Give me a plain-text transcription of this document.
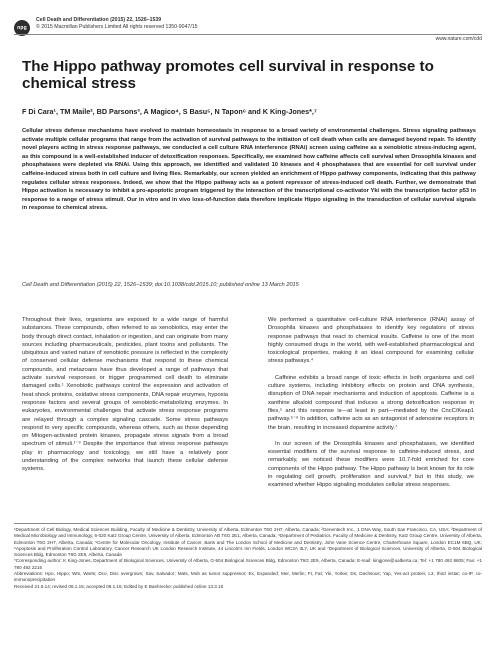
npg
Cell Death and Differentiation (2015) 22, 1526–1539
© 2015 Macmillan Publishers Limited All rights reserved 1350-9047/15
www.nature.com/cdd
The Hippo pathway promotes cell survival in response to chemical stress
F Di Cara¹, TM Maile², BD Parsons³, A Magico⁴, S Basu⁵, N Tapon⁶ and K King-Jones*,⁷

Cellular stress defense mechanisms have evolved to maintain homeostasis in response to a broad variety of environmental challenges. Stress signaling pathways activate multiple cellular programs that range from the activation of survival pathways to the initiation of cell death when cells are damaged beyond repair. To identify novel players acting in stress response pathways, we conducted a cell culture RNA interference (RNAi) screen using caffeine as a xenobiotic stress-inducing agent, as this compound is a well-established inducer of detoxification responses. Specifically, we examined how caffeine affects cell survival when Drosophila kinases and phosphatases were depleted via RNAi. Using this approach, we identified and validated 10 kinases and 4 phosphatases that are essential for cell survival under caffeine-induced stress both in cell culture and living flies. Remarkably, our screen yielded an enrichment of Hippo pathway components, indicating that this pathway regulates cellular stress responses. Indeed, we show that the Hippo pathway acts as a potent repressor of stress-induced cell death. Further, we demonstrate that Hippo activation is necessary to inhibit a pro-apoptotic program triggered by the interaction of the transcriptional co-activator Yki with the transcription factor p53 in response to a range of stress stimuli. Our in vitro and in vivo loss-of-function data therefore implicate Hippo signaling in the transduction of cellular survival signals in response to chemical stress.

Cell Death and Differentiation (2015) 22, 1526–1539; doi:10.1038/cdd.2015.10; published online 13 March 2015

Throughout their lives, organisms are exposed to a wide range of harmful substances. These compounds, often referred to as xenobiotics, may enter the body through direct contact, inhalation or ingestion, and can originate from many sources including pharmaceuticals, pesticides, plant toxins and pollutants. The ubiquitous and varied nature of xenobiotic pressure is reflected in the complexity of conserved cellular defense mechanisms that respond to these chemical compounds, and metazoans have thus developed a range of pathways that activate survival responses or trigger programmed cell death to eliminate damaged cells.¹ Xenobiotic pathways control the expression and activation of heat shock proteins, oxidative stress components, DNA repair enzymes, hypoxia response factors and several groups of xenobiotic-metabolizing enzymes. In eukaryotes, environmental challenges that activate stress response programs are relayed through a complex signaling cascade. Some stress pathways respond to very specific compounds, whereas others, such as those depending on Mitogen-activated protein kinases, propagate stress signals from a broad spectrum of stimuli.¹⁻³ Despite the importance that stress response pathways play in pharmacology and toxicology, we still have a relatively poor understanding of the complex networks that launch these cellular defense systems.

We performed a quantitative cell-culture RNA interference (RNAi) assay of Drosophila kinases and phosphatases to identify key regulators of stress response pathways that react to chemical insults. Caffeine is one of the most highly consumed drugs in the world, with well-established pharmacological and toxicological properties, making it an ideal compound for examining cellular stress pathways.⁴

Caffeine exhibits a broad range of toxic effects in both organisms and cell culture systems, including inhibitory effects on protein and DNA synthesis, disruption of DNA repair mechanisms and induction of apoptosis. Caffeine is a xanthine alkaloid compound that induces a strong detoxification response in flies,⁵ and this response is—at least in part—mediated by the CncC/Keap1 pathway.⁵⁻⁶ In addition, caffeine acts as an antagonist of adenosine receptors in the brain, resulting in increased dopamine activity.⁷

In our screen of the Drosophila kinases and phosphatases, we identified essential modifiers of the survival response to caffeine-induced stress, and remarkably, we noticed these modifiers were 10.7-fold enriched for core components of the Hippo pathway. The Hippo pathway is best known for its role in regulating cell growth, proliferation and survival,⁸ but in this study, we examined whether Hippo signaling modulates cellular stress responses.

¹Department of Cell Biology, Medical Sciences Building, Faculty of Medicine & Dentistry, University of Alberta, Edmonton T6G 2H7, Alberta, Canada; ²Genentech Inc., 1 DNA Way, South San Francisco, CA, USA; ³Department of Medical Microbiology and Immunology, 6-020 Katz Group Centre, University of Alberta, Edmonton AB T6G 2E1, Alberta, Canada; ⁴Department of Pediatrics, Faculty of Medicine & Dentistry, Katz Group Centre, University of Alberta, Edmonton T6G 2H7, Alberta, Canada; ⁵Centre for Molecular Oncology, Institute of Cancer, Barts and The London School of Medicine and Dentistry, John Vane Science Centre, Charterhouse Square, London EC1M 6BQ, UK; ⁶Apoptosis and Proliferation Control Laboratory, Cancer Research UK London Research Institute, 44 Lincoln's Inn Fields, London WC2A 3LY, UK and ⁷Department of Biological Sciences, University of Alberta, G-504 Biological Sciences Bldg, Edmonton T6G 2E9, Alberta, Canada

*Corresponding author: K King-Jones, Department of Biological Sciences, University of Alberta, G-504 Biological Sciences Bldg, Edmonton T6G 2E9, Alberta, Canada; E-mail: kingjone@ualberta.ca; Tel: +1 780 492 8605; Fax: +1 780 492 2216

Abbreviations: Hpo, Hippo; Wts, Warts; Dco, Disc overgrown; Sav, Salvador; Mats, Mob as tumor suppressor; Ex, Expanded; Mer, Merlin; Ft, Fat; Yki, Yorkie; Ds, Dachsous; Yap, Yes-act protein; L3, third instar; co-IP, co-immunoprecipitation

Received 21.6.14; revised 08.1.15; accepted 09.1.15; Edited by E Baehrecke; published online 13.3.15
